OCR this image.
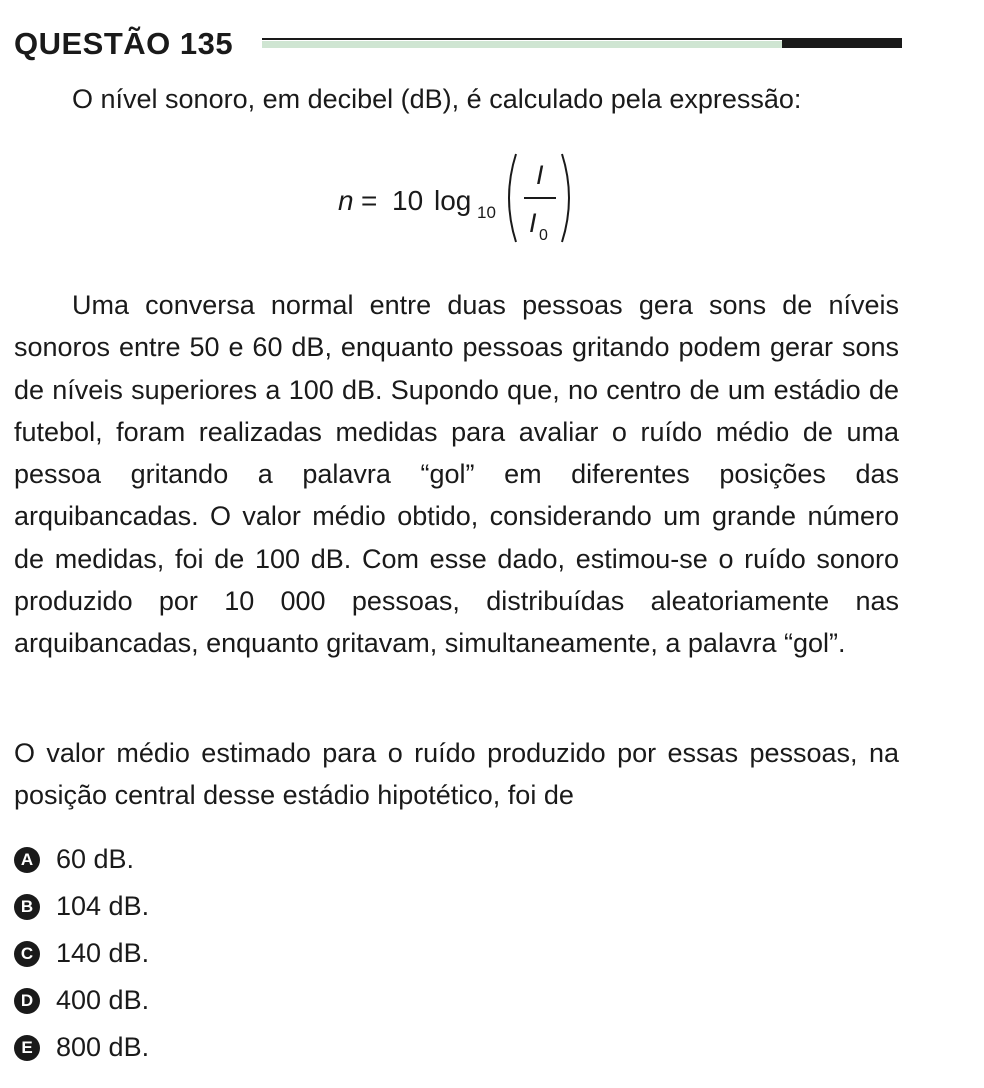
QUESTÃO 135
O nível sonoro, em decibel (dB), é calculado pela expressão:
n = 10 log 10
I
I 0

Uma conversa normal entre duas pessoas gera sons de níveis sonoros entre 50 e 60 dB, enquanto pessoas gritando podem gerar sons de níveis superiores a 100 dB. Supondo que, no centro de um estádio de futebol, foram realizadas medidas para avaliar o ruído médio de uma pessoa gritando a palavra “gol” em diferentes posições das arquibancadas. O valor médio obtido, considerando um grande número de medidas, foi de 100 dB. Com esse dado, estimou-se o ruído sonoro produzido por 10 000 pessoas, distribuídas aleatoriamente nas arquibancadas, enquanto gritavam, simultaneamente, a palavra “gol”.

O valor médio estimado para o ruído produzido por essas pessoas, na posição central desse estádio hipotético, foi de

A 60 dB.
B 104 dB.
C 140 dB.
D 400 dB.
E 800 dB.
